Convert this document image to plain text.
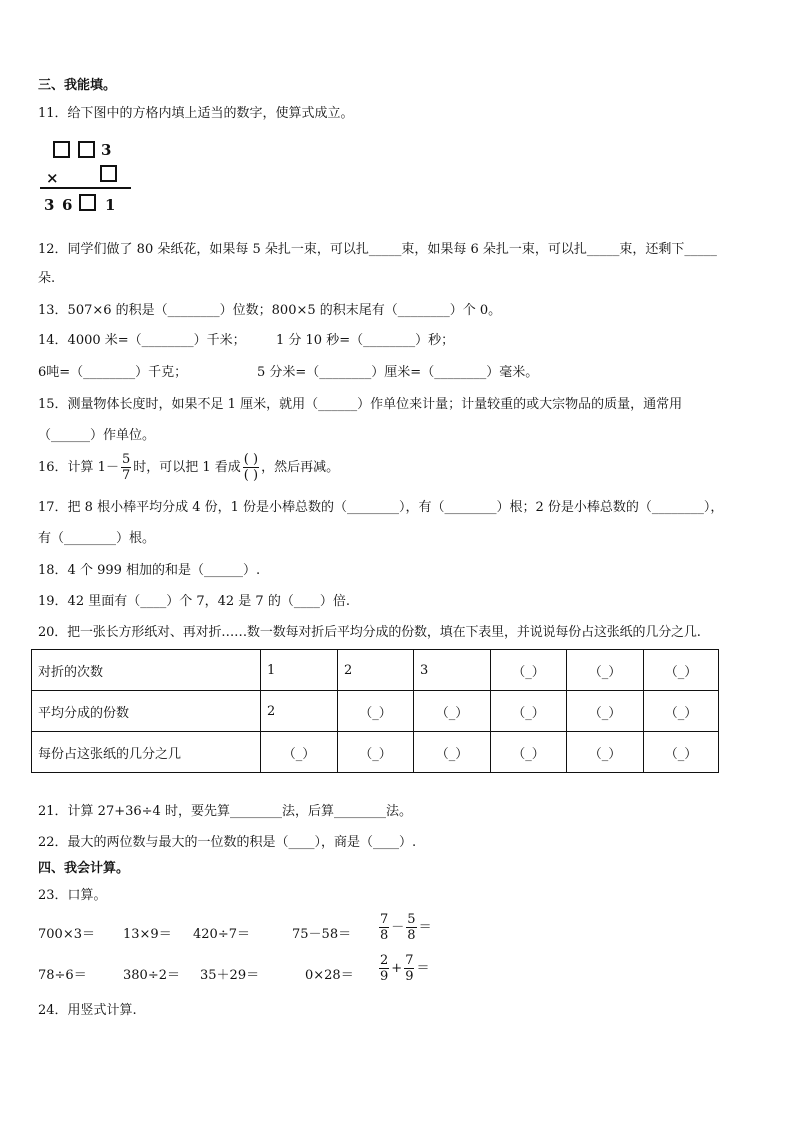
三、我能填。
11．给下图中的方格内填上适当的数字，使算式成立。
3
×
3 6 1
12．同学们做了 80 朵纸花，如果每 5 朵扎一束，可以扎_____束，如果每 6 朵扎一束，可以扎_____束，还剩下_____
朵.
13．507×6 的积是（________）位数；800×5 的积末尾有（________）个 0。
14．4000 米=（________）千米； 1 分 10 秒=（________）秒；
6吨=（________）千克；	5 分米=（________）厘米=（________）毫米。
15．测量物体长度时，如果不足 1 厘米，就用（______）作单位来计量；计量较重的或大宗物品的质量，通常用
（______）作单位。
16．计算 $1- \frac{5}{7}$ 时，可以把 1 看成 $\frac{( )}{( )}$ ，然后再减。
17．把 8 根小棒平均分成 4 份，1 份是小棒总数的（________），有（________）根；2 份是小棒总数的（________），
有（________）根。
18．4 个 999 相加的和是（______）.
19．42 里面有（____）个 7，42 是 7 的（____）倍.
20．把一张长方形纸对、再对折……数一数每对折后平均分成的份数，填在下表里，并说说每份占这张纸的几分之几.
对折的次数	1	2	3	（_）	（_）	（_）
平均分成的份数	2	（_）	（_）	（_）	（_）	（_）
每份占这张纸的几分之几	（_）	（_）	（_）	（_）	（_）	（_）
21．计算 27+36÷4 时，要先算________法，后算________法。
22．最大的两位数与最大的一位数的积是（____），商是（____）.
四、我会计算。
23．口算。
700×3＝ 13×9＝ 420÷7＝	$75-58= \frac{7}{8} - \frac{5}{8}$ ＝
78÷6＝	380÷2＝ 35＋29＝	$0\times 28= \frac{2}{9} + \frac{7}{9}$ ＝
24．用竖式计算.
